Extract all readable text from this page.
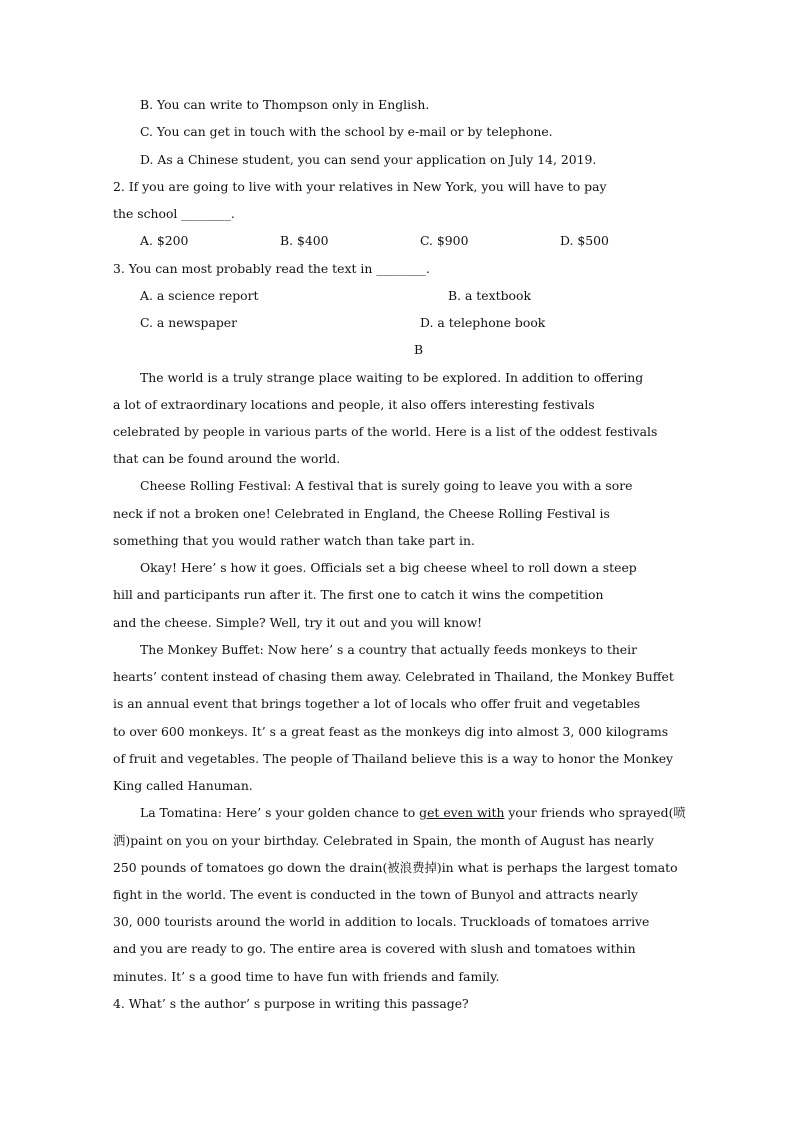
B. You can write to Thompson only in English.
C. You can get in touch with the school by e-mail or by telephone.
D. As a Chinese student, you can send your application on July 14, 2019.
2. If you are going to live with your relatives in New York, you will have to pay
the school ________.
A. $200	B. $400	C. $900	D. $500
3. You can most probably read the text in ________.
A. a science report	B. a textbook
C. a newspaper	D. a telephone book
B
The world is a truly strange place waiting to be explored. In addition to offering
a lot of extraordinary locations and people, it also offers interesting festivals
celebrated by people in various parts of the world. Here is a list of the oddest festivals
that can be found around the world.
Cheese Rolling Festival: A festival that is surely going to leave you with a sore
neck if not a broken one! Celebrated in England, the Cheese Rolling Festival is
something that you would rather watch than take part in.
Okay! Here’ s how it goes. Officials set a big cheese wheel to roll down a steep
hill and participants run after it. The first one to catch it wins the competition
and the cheese. Simple? Well, try it out and you will know!
The Monkey Buffet: Now here’ s a country that actually feeds monkeys to their
hearts’ content instead of chasing them away. Celebrated in Thailand, the Monkey Buffet
is an annual event that brings together a lot of locals who offer fruit and vegetables
to over 600 monkeys. It’ s a great feast as the monkeys dig into almost 3, 000 kilograms
of fruit and vegetables. The people of Thailand believe this is a way to honor the Monkey
King called Hanuman.
La Tomatina: Here’ s your golden chance to get even with your friends who sprayed(喷
洒)paint on you on your birthday. Celebrated in Spain, the month of August has nearly
250 pounds of tomatoes go down the drain(被浪费掉)in what is perhaps the largest tomato
fight in the world. The event is conducted in the town of Bunyol and attracts nearly
30, 000 tourists around the world in addition to locals. Truckloads of tomatoes arrive
and you are ready to go. The entire area is covered with slush and tomatoes within
minutes. It’ s a good time to have fun with friends and family.
4. What’ s the author’ s purpose in writing this passage?
